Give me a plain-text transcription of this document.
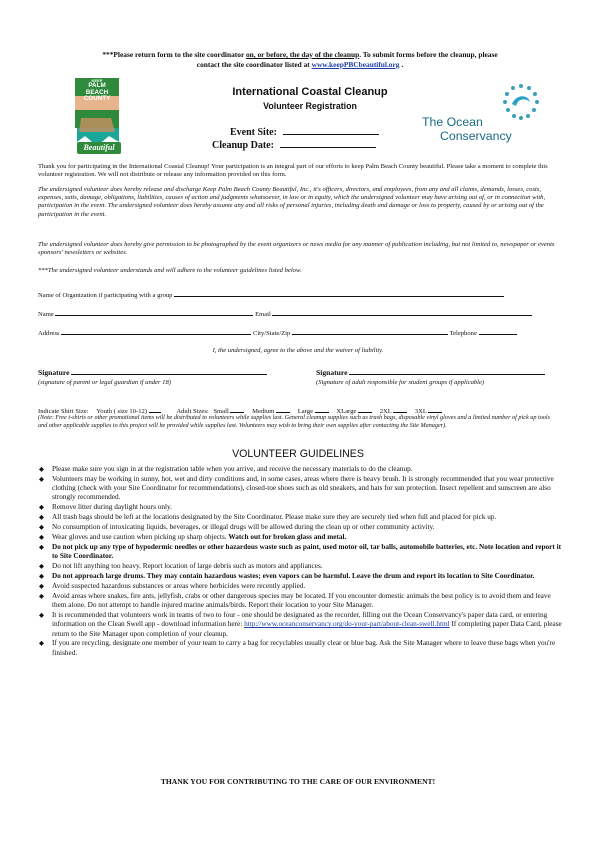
***Please return form to the site coordinator on, or before, the day of the cleanup. To submit forms before the cleanup, please
contact the site coordinator listed at www.keepPBCbeautiful.org .
KEEP
PALM
BEACH
COUNTY
Beautiful
International Coastal Cleanup
Volunteer Registration
Event Site:
Cleanup Date:
The Ocean
Conservancy
Thank you for participating in the International Coastal Cleanup! Your participation is an integral part of our efforts to keep Palm Beach County beautiful. Please take a moment to complete this volunteer registration. We will not distribute or release any information provided on this form.
The undersigned volunteer does hereby release and discharge Keep Palm Beach County Beautiful, Inc., it's officers, directors, and employees, from any and all claims, demands, losses, costs, expenses, suits, damage, obligations, liabilities, causes of action and judgments whatsoever, in law or in equity, which the undersigned volunteer may have arising out of, or in connection with, participation in the event. The undersigned volunteer does hereby assume any and all risks of personal injuries, including death and damage or loss to property, caused by or arising out of the participation in the event.
The undersigned volunteer does hereby give permission to be photographed by the event organizers or news media for any manner of publication including, but not limited to, newspaper or events sponsors' newsletters or websites.
***The undersigned volunteer understands and will adhere to the volunteer guidelines listed below.
Name of Organization if participating with a group
Name	Email
Address	City/State/Zip	Telephone
I, the undersigned, agree to the above and the waiver of liability.
Signature
(signature of parent or legal guardian if under 18)
Signature
(Signature of adult responsible for student groups if applicable)
Indicate Shirt Size: Youth ( size 10-12)	Adult Sizes: Small	Medium	Large	XLarge	2XL	3XL
(Note: Free t-shirts or other promotional items will be distributed to volunteers while supplies last. General cleanup supplies such as trash bags, disposable vinyl gloves and a limited number of pick up tools and other applicable supplies to this project will be provided while supplies last. Volunteers may wish to bring their own supplies after contacting the Site Manager).
VOLUNTEER GUIDELINES
◆ Please make sure you sign in at the registration table when you arrive, and receive the necessary materials to do the cleanup.
◆ Volunteers may be working in sunny, hot, wet and dirty conditions and, in some cases, areas where there is heavy brush. It is strongly recommended that you wear protective clothing (check with your Site Coordinator for recommendations), closed-toe shoes such as old sneakers, and hats for sun protection. Insect repellent and sunscreen are also strongly recommended.
◆ Remove litter during daylight hours only.
◆ All trash bags should be left at the locations designated by the Site Coordinator. Please make sure they are securely tied when full and placed for pick up.
◆ No consumption of intoxicating liquids, beverages, or illegal drugs will be allowed during the clean up or other community activity.
◆ Wear gloves and use caution when picking up sharp objects. Watch out for broken glass and metal.
◆ Do not pick up any type of hypodermic needles or other hazardous waste such as paint, used motor oil, tar balls, automobile batteries, etc. Note location and report it to Site Coordinator.
◆ Do not lift anything too heavy. Report location of large debris such as motors and appliances.
◆ Do not approach large drums. They may contain hazardous wastes; even vapors can be harmful. Leave the drum and report its location to Site Coordinator.
◆ Avoid suspected hazardous substances or areas where herbicides were recently applied.
◆ Avoid areas where snakes, fire ants, jellyfish, crabs or other dangerous species may be located. If you encounter domestic animals the best policy is to avoid them and leave them alone. Do not attempt to handle injured marine animals/birds. Report their location to your Site Manager.
◆ It is recommended that volunteers work in teams of two to four - one should be designated as the recorder, filling out the Ocean Conservancy's paper data card, or entering information on the Clean Swell app - download information here: http://www.oceanconservancy.org/do-your-part/about-clean-swell.html If completing paper Data Card, please return to the Site Manager upon completion of your cleanup.
◆ If you are recycling, designate one member of your team to carry a bag for recyclables usually clear or blue bag. Ask the Site Manager where to leave these bags when you're finished.
THANK YOU FOR CONTRIBUTING TO THE CARE OF OUR ENVIRONMENT!
